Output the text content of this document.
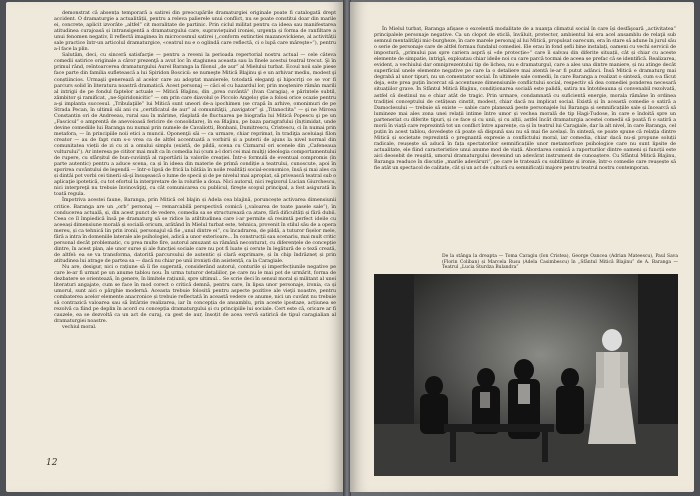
demonstrat că absența temporară a satirei din preocupările dramaturgiei originale poate fi catalogată drept accident. O dramaturgie a actualității, pentru a releva palierele unui conflict, nu se poate constitui doar din marile ei, concrete, aplicit izvorâte „altfel” cit moralitate de partinic. Prin ciclul militat pentru ca ideea sau manifestarea atitudinea curajoasă și intransigentă a dramaturgului care, supravieţuind ironiei, urgența și forma de ranfiltare a unui fenomen negativ, îl reflectă imaginea în microcosmul satirei („conform extinctiei mazanovickiene, al activității sale practice într-un articolul dramaturgice, «ceatrul nu e o oglindă care reflectă, ci o lupă care măreşte»”), pentru a-l face la plin.

Salutâm, deci, cu sincerâ satisfacţie — pentru a reveni la perioada repertorial nostru actual — cele câteva comedii satirice originale a căror prezenţă a avut loc în stagiunea aceasta sau la finele acestui teatral trecut. Şi în primul rând, reîntoarcerea dramaturgului Aurel Baranga la filonul „de aur” al Mielului turbat. Ecoul noii sale piese face parte din familia sufletească a lui Spiridon Boscicii: se numeşte Mitică Blajinu şi e un arhivar mediu, modest şi conștiincios. Urmaşii generează al acelor care au adoptat manierele, totodată eleganţi şi hipocriţi ce se vor fi parcurs solid în literatura noastră dramatică. Acest personaj — căci el cu hazardul lor, prin moştenire rămân marili al intrigii de pe fondul faptelor actuale — Mitică Blajinu, din „prea cuvântă” (Ivan Caragia), e părintele subtil, zâmbitor şi ramificat, „ne-Spiridonicitic” — om prin care diavolul (e Piccolo Angelo) ştie a folosi orice ocazie pentru a-şi implanta succesul. „Tribulaţiile” lui Mitică sunt uneori de-a ipochimen (se crapă în arhive, omonimuri de pe Strada Pecan, în ultimii săi ani cu „certificatul de aur” al comunităţii, „navigator” şi „Titanoclita” — şi ne Mircea Constantin ori de Andreeau, rural sau în mărime, răsplată de fluctuarea pe biografia lui Mitică Popescu şi pe un „Fascicul” o amprentă de anevoioasă fericire de consolidare), în ea Blajinu, pe baza paragrafului (în)timidat, unde devine comediile lui Baranga nu numai prin numele de Cavaliotti, Bonbani, Dumitrescu, Cristescu, ci în numai prin metafora, — în principiile noii etici a muncii. Oponenţii săi — ca urmare, chiar reprimat, în tradiţia aceluiaşi filon creator — au de fapt cum s-o vrea ca de altfel accentuată a vorbirii și a puterii de ajuns la nivel normal din comunitatea vieții de zi cu zi a omului simplu (există, de pildă, scena cu Cizmarul ori scenele din „Cafeneaua vulturului”). Ar interesa pe cititor mai mult ca în comedia lui (cum a-l dori cei mai mulţi) ideologia comportamentului de rupere, cu sfârșitul de bun-cuviință al raportării la valorile creației. Într-o formulă de eventual compromis (în parte autentic) pentru a aduce scena, ca și în ideea din materie de primă condiție a teatrului, cunoscute, apoi în sporirea cuvântului de legendă — într-o lipsă de frică la bătăia în noile realități social-economice, însă și mai ales ca și dintâi pot vorbi cei tinerii să-şi însuşească o lume de specii și de pe nivelul mai apropiat, să privească teatral sub o aplicaţie ipotetică, cu tot efortul la interpretare de la rolurile a doua. Nici autorul, nici regizorul Lucian Giurchescu, nici interpreţii nu trebuie învinovăţiţi, cu cât comunicarea cu publicul, fireşte scopul principal, a fost asigurată în toată regula.

Împotriva acestei faune, Baranga, prin Mitică cel blajin și Adela cea blajină, poruncește activarea dimensiunii critice. Baranga are un „orb” personaj — remarcabilă perspectivă comică („valoarea de toate pasele sale”), în conducerea actuală, și, din acest punct de vedere, comedia sa se structurează ca atare, fără dificultăți și fără dubii. Ceea ce îl împiedică însă pe dramaturg să se ridice la atiltitudinea care i-ar permite să resimtă perfect ideile cu aceeași dimensiune morală și socială oricum, arătând în Mielul turbat este, tehnica, provenit în stilul său de a opera mereu, și ca tehnică lin prin ironii, personajul să fie „unul dintre ei”, cu încadrarea, de pildă, a tuturor fișelor mele, fără a intra în domeniile laterale ale psihologiei, adică a unor exterioare... În construcții sau scenariu, mai mult critic personal decât problematic, cu prea multe fire, autorul amuzant sa rămână neconturat, cu diferențele de concepție dintre, în acest plan, ale unor surse și ale funcției sociale care nu pot fi luate și cerute în legătură de o teză creată, de altfel: ea se va transforma, datorită parcursului de autentic și clară exprimare, și în chip îndrăzneț și prin atitudinea lui atrage de partea sa — dacă nu chiar pe unii ironiști din asistență, ca la Caragiale.

Nu are, desigur, nici o rațiune să îi fie sugerată, considerând autorul, conturile și imperfecțiunile negative pe care le-ar fi urmat pe un anume tablou nou. În urma tuturor detaliilor, pe care nu le mai pot de urmărit, forma de dezbatere se orientează, în genere, în limitele rațiunii, spre ultimul... Se scrie deci în sensul moral și militant al unei literaturi angajate, cum se face în mod corect o critică demnă, pentru care, în lipsa unor personaje, ironia, ca și umorul, sunt aici o pârghie modernă. Aceasta trebuie folosită pentru aspecte pozitive ale vieţii noastre, pentru combaterea acelor elemente anacronice și trebuie reflectată în această vedere ce anume, nici un cuvânt nu trebuie să contrazică valoarea sau să întârzie realizarea, iar în concepția de ansamblu, prin aceste ipostaze, acțiunea se rezolvă ca fiind pe deplin în acord cu concepția dramaturgului și cu principiile lui sociale. Cert este că, oricare ar fi cauzele, ea se dezvoltă ca un act de curaj, ca gest de aur, însoțit de acea vervă satirică de tipul caragialian al dramaturgiei noastre.

vechiul moral.

12

În Mielul turbat, Baranga afișase o excelentă modalitate de a nuanţa climatul social în care își desfăşoară „activitatea” principalele personaje negative. Ca un clopot de sticlă, învăluit, protector, ambientul lui era acel ansamblu de relaţii sub semnul mentalităţii mic-burgheze, în care marele personaj al lui Mitică, propulsat oarecum, era în stare să adune în jurul său o serie de personaje care de altfel formau fundalul comediei. Ele erau în fond șefii bine instalați, oameni cu vechi servicii de impostură, „primului pas spre cariera aspră și «de protecție»” care îi salvau din diferite situații, cât și chiar cu aceste elemente de simpatie, intrigă, exploatau chiar ideile noi cu care parcă tocmai de aceea se prefac că se identifică. Realizarea, evident, a vechiului dar omniprezentului tip de lichea, nu e dramaturgul, care a ales una dintre maniere, și nu atinge decât superficial unele elemente negative pe care la o detaliere mai atentă le-ar fi putut adânci. Însă Mitică e dramaturg mai degrabă al unor tipuri, nu un comentator social. În ultimele sale comedii, în care Baranga a realizat o sinteză, cum s-a făcut deja, este prea puțin încercat să accentueze dimensiunile conflictului social, respectiv să dea comediei ponderea necesară situațiilor grave. În Sfântul Mitică Blajinu, condiționarea socială este palidă, satira nu întotdeauna și convenabil rezolvată, astfel că destinul nu e chiar atât de tragic. Prin urmare, condamnată cu suficientă energie, morala rămâne în ordinea tradiției conceptului de cetățean cinstit, modest, chiar dacă nu implicat social. Există și în această comedie o satiră a Damoclesului — trebuie să existe — sabie care planează peste personajele lui Baranga și semnificațiile sale și încearcă să lumineze mai ales zona unei relații intime între umor și vechea morală de tip Hagi-Tudose, în care e îndoită spre un parteneriat cu diferite tipuri, și ce face și cu unii, și cu alții, astfel încât dramaturgia acestei comedii să poată fi o satiră a morii în viață care reprezintă tot un conflict între aparențe, ca și în teatrul lui Caragiale, dar la alt nivel, în care Baranga, cel puțin în acest tablou, dovedește că poate să dispună sau nu să mai fie același. În sinteză, se poate spune că relația dintre Mitică și societate reprezintă o pregnantă expresie a conflictului moral, iar comedia, chiar dacă nu-și propune soluții radicale, reușește să aducă în fața spectatorilor semnificațiile unor metamorfoze psihologice care nu sunt lipsite de actualitate, ele fiind caracteristice unui anume mod de viață. Abordarea comică a raporturilor dintre oameni și funcții este aici deosebit de reușită, umorul dramaturgului devenind un adevărat instrument de cunoaștere. Cu Sfântul Mitică Blajinu, Baranga readuce în discuție „marile adevăruri”, pe care le tratează cu subtilitate și ironie, într-o comedie care reușește să fie atât un spectacol de calitate, cât și un act de cultură cu semnificații majore pentru teatrul nostru contemporan.

De la stânga la dreapta — Toma Caragiu (Ion Cristea), George Oancea (Adrian Mateescu), Paul Sava (Florin Coliban) și Marcela Rusu (Adela Casimbescu) în „Sfântul Mitică Blajinu” de A. Baranga — Teatrul „Lucia Sturdza Bulandra”
